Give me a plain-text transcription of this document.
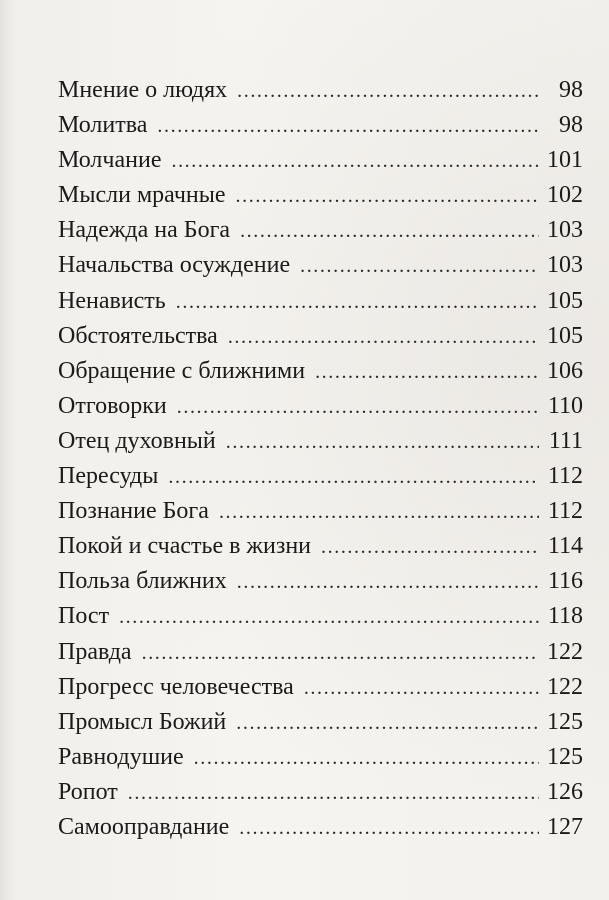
Мнение о людях .....	98
Молитва .....	98
Молчание .....	101
Мысли мрачные .....	102
Надежда на Бога .....	103
Начальства осуждение .....	103
Ненависть .....	105
Обстоятельства .....	105
Обращение с ближними .....	106
Отговорки .....	110
Отец духовный .....	111
Пересуды .....	112
Познание Бога .....	112
Покой и счастье в жизни .....	114
Польза ближних .....	116
Пост .....	118
Правда .....	122
Прогресс человечества .....	122
Промысл Божий .....	125
Равнодушие .....	125
Ропот .....	126
Самооправдание .....	127
